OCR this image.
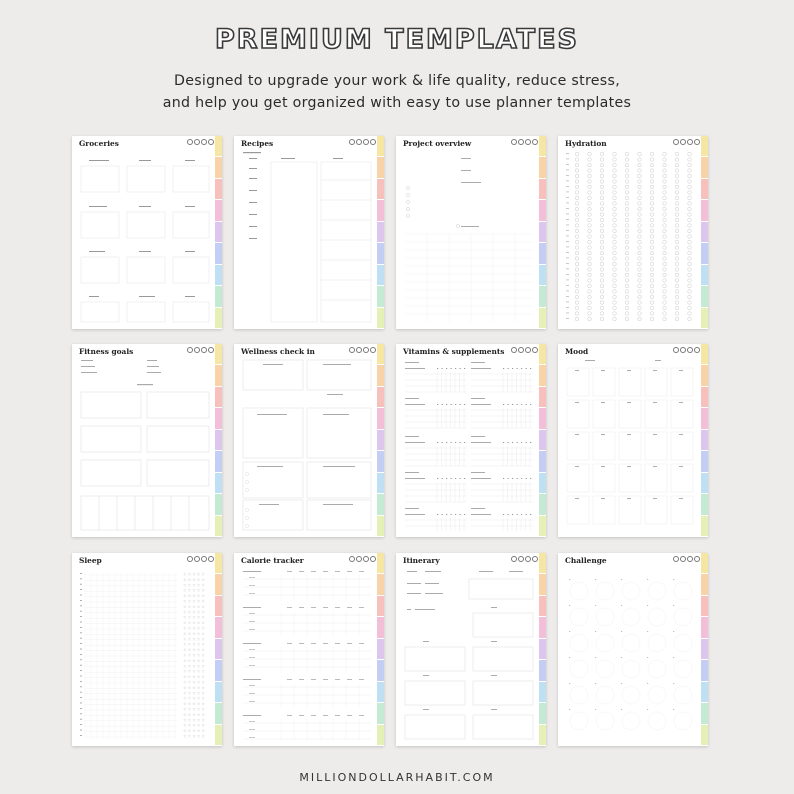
PREMIUM TEMPLATES
Designed to upgrade your work & life quality, reduce stress,
and help you get organized with easy to use planner templates
Groceries	Recipes	Project overview	Hydration
Fitness goals	Wellness check in	Vitamins & supplements	Mood
Sleep
☆ ☆ ☆ ☆ ☆
☆ ☆ ☆ ☆ ☆
☆ ☆ ☆ ☆ ☆
☆ ☆ ☆ ☆ ☆
☆ ☆ ☆ ☆ ☆
☆ ☆ ☆ ☆ ☆
☆ ☆ ☆ ☆ ☆
☆ ☆ ☆ ☆ ☆
☆ ☆ ☆ ☆ ☆
☆ ☆ ☆ ☆ ☆
☆ ☆ ☆ ☆ ☆
☆ ☆ ☆ ☆ ☆
☆ ☆ ☆ ☆ ☆
☆ ☆ ☆ ☆ ☆
☆ ☆ ☆ ☆ ☆
☆ ☆ ☆ ☆ ☆
☆ ☆ ☆ ☆ ☆
☆ ☆ ☆ ☆ ☆
☆ ☆ ☆ ☆ ☆
☆ ☆ ☆ ☆ ☆
☆ ☆ ☆ ☆ ☆
☆ ☆ ☆ ☆ ☆
☆ ☆ ☆ ☆ ☆
☆ ☆ ☆ ☆ ☆
☆ ☆ ☆ ☆ ☆
☆ ☆ ☆ ☆ ☆
☆ ☆ ☆ ☆ ☆
☆ ☆ ☆ ☆ ☆
☆ ☆ ☆ ☆ ☆
☆ ☆ ☆ ☆ ☆
☆ ☆ ☆ ☆ ☆
Calorie tracker	Itinerary	Challenge
MILLIONDOLLARHABIT.COM
